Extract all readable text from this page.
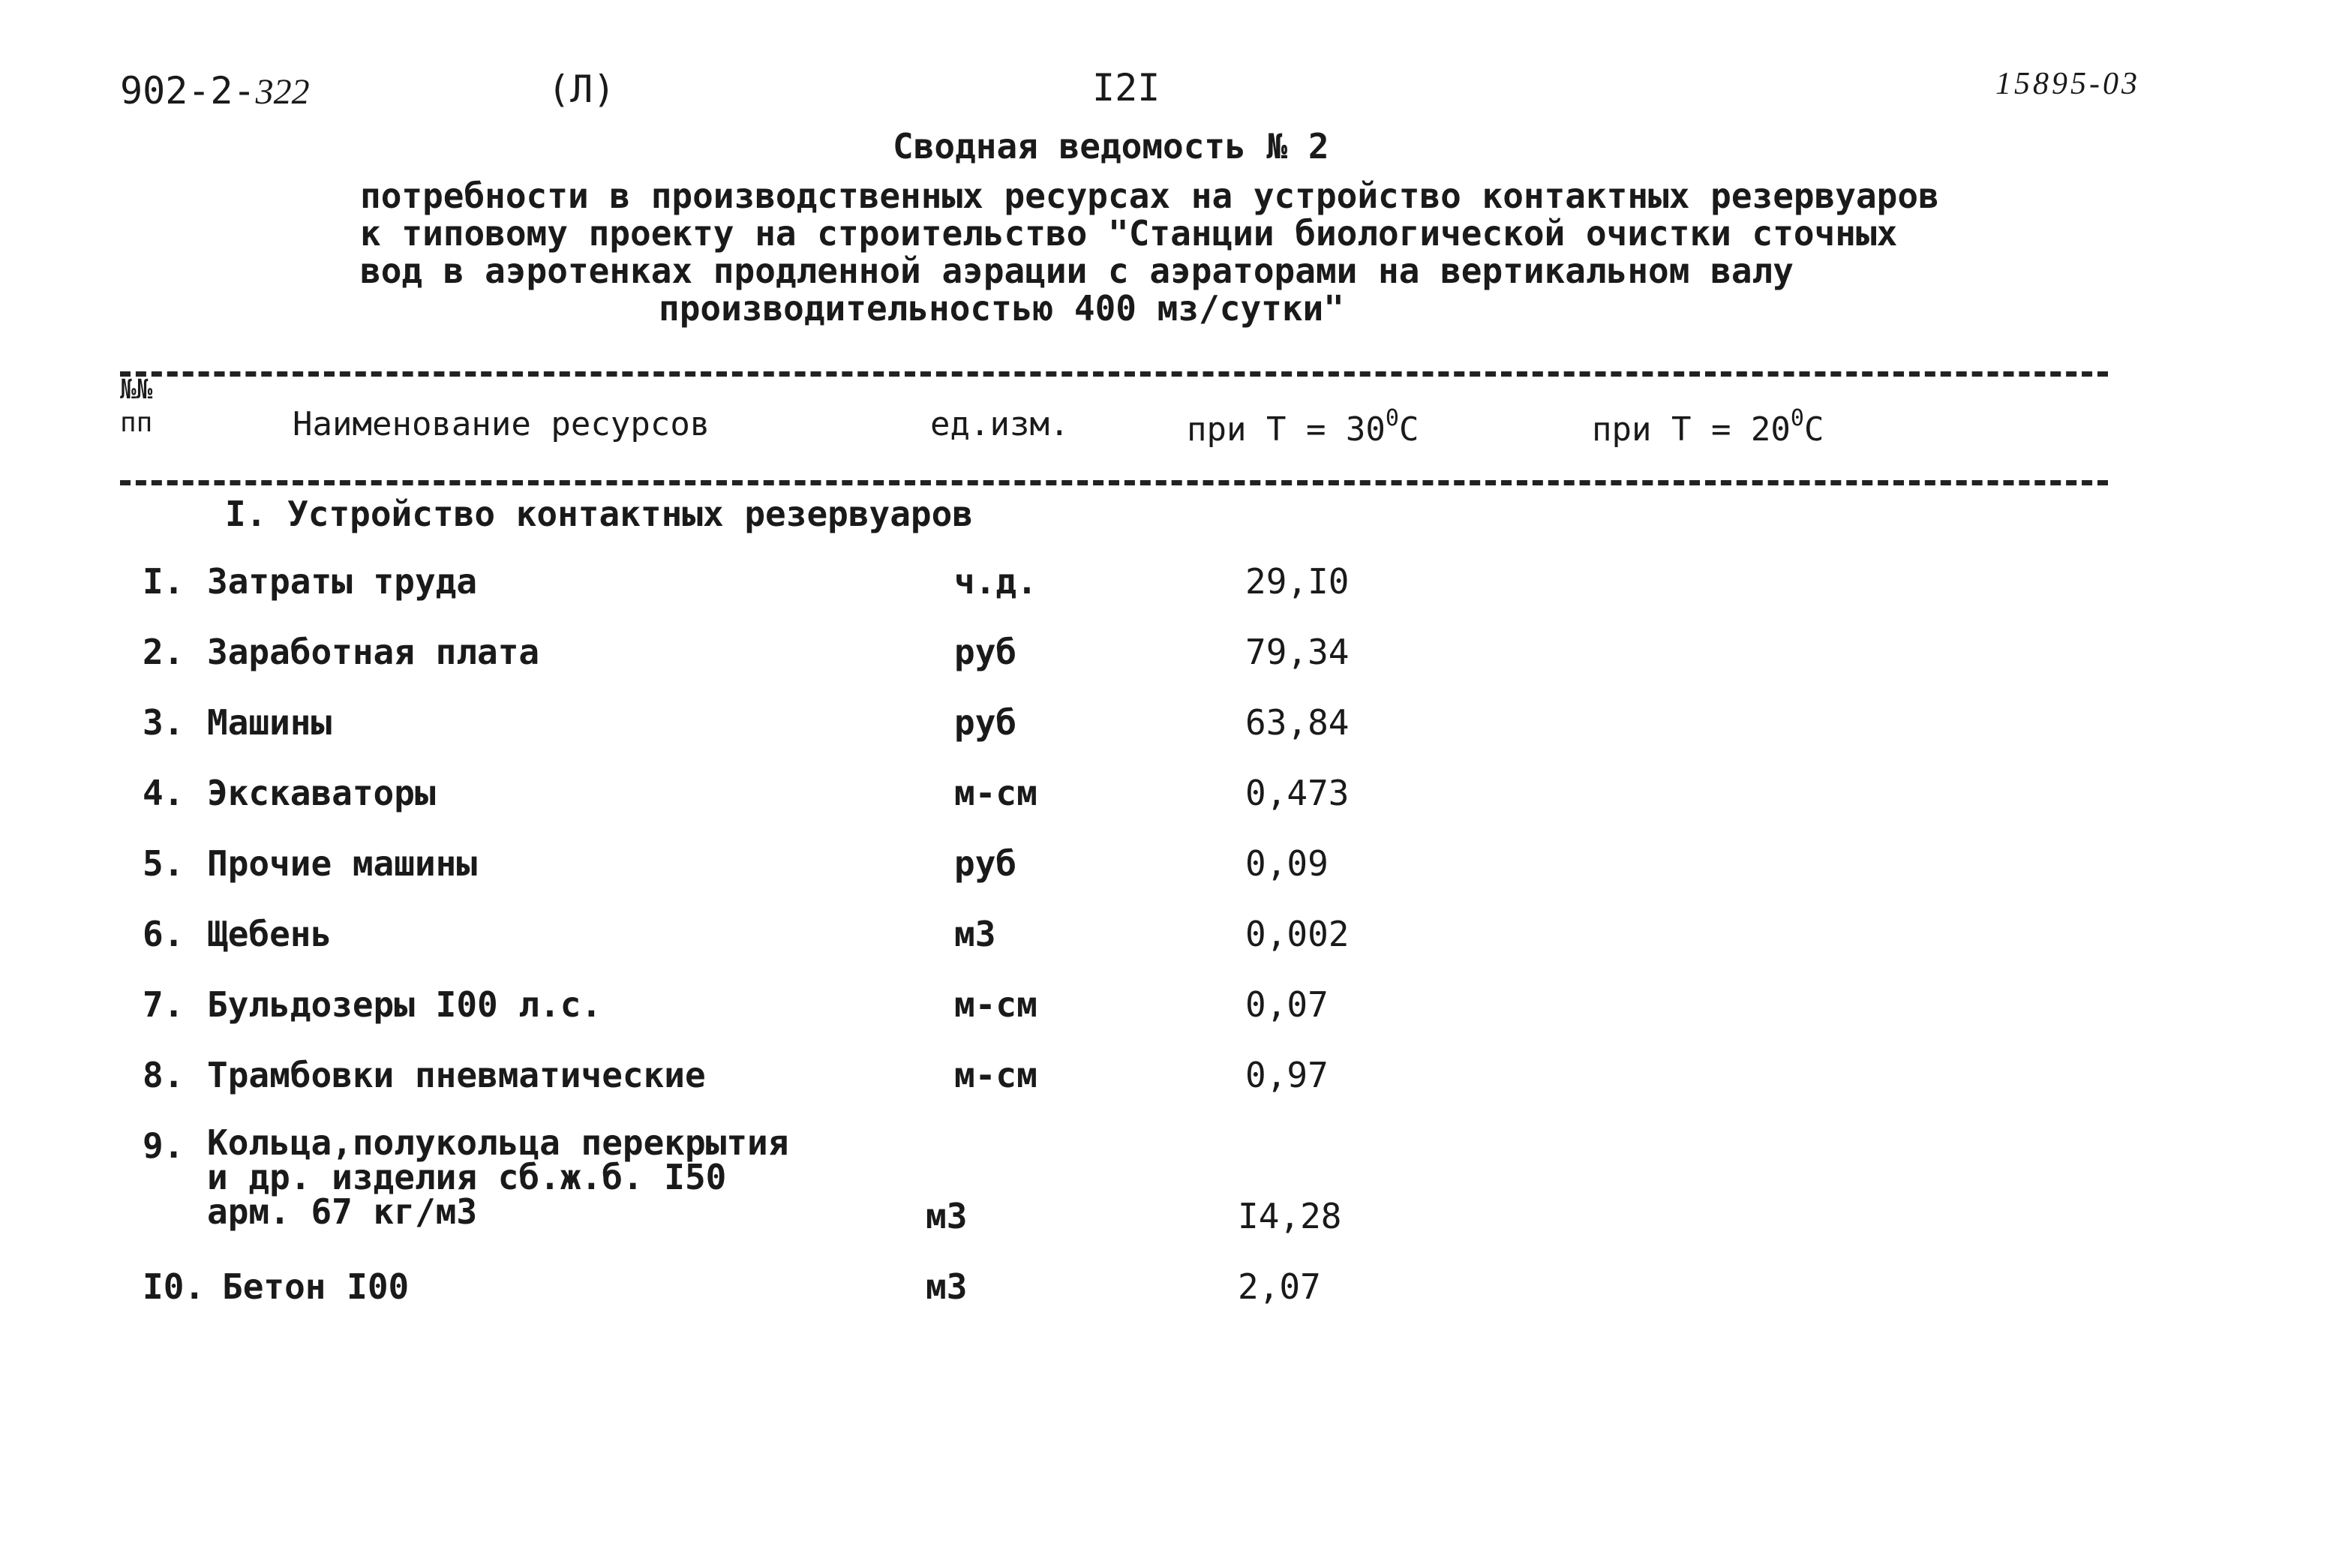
902-2-322	(Л)	I2I	15895-03
Сводная ведомость № 2
потребности в производственных ресурсах на устройство контактных резервуаров
к типовому проекту на строительство "Станции биологической очистки сточных
вод в аэротенках продленной аэрации с аэраторами на вертикальном валу
производительностью 400 мз/сутки"
№№ пп	Наименование ресурсов	ед.изм.	при $Т = 30^0С$	при $Т = 20^0С$
I. Устройство контактных резервуаров
I. Затраты труда	ч.д.	29,I0
2. Заработная плата	руб	79,34
3. Машины	руб	63,84
4. Экскаваторы	м-см	0,473
5. Прочие машины	руб	0,09
6. Щебень	м3	0,002
7. Бульдозеры I00 л.с.	м-см	0,07
8. Трамбовки пневматические	м-см	0,97
9. Кольца,полукольца перекрытия
и др. изделия сб.ж.б. I50
арм. 67 кг/м3	м3	I4,28
I0. Бетон I00	м3	2,07
